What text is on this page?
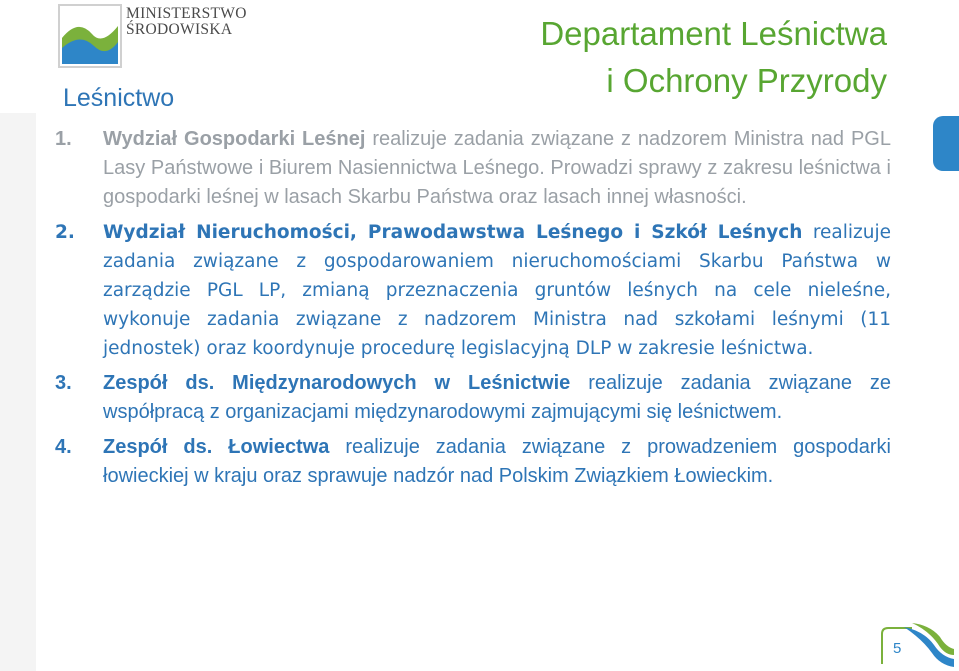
MINISTERSTWO
ŚRODOWISKA
Leśnictwo
Departament Leśnictwa
i Ochrony Przyrody
1.	Wydział Gospodarki Leśnej realizuje zadania związane z nadzorem Ministra nad PGL Lasy Państwowe i Biurem Nasiennictwa Leśnego. Prowadzi sprawy z zakresu leśnictwa i gospodarki leśnej w lasach Skarbu Państwa oraz lasach innej własności.
2.	Wydział Nieruchomości, Prawodawstwa Leśnego i Szkół Leśnych realizuje zadania związane z gospodarowaniem nieruchomościami Skarbu Państwa w zarządzie PGL LP, zmianą przeznaczenia gruntów leśnych na cele nieleśne, wykonuje zadania związane z nadzorem Ministra nad szkołami leśnymi (11 jednostek) oraz koordynuje procedurę legislacyjną DLP w zakresie leśnictwa.
3.	Zespół ds. Międzynarodowych w Leśnictwie realizuje zadania związane ze współpracą z organizacjami międzynarodowymi zajmującymi się leśnictwem.
4.	Zespół ds. Łowiectwa realizuje zadania związane z prowadzeniem gospodarki łowieckiej w kraju oraz sprawuje nadzór nad Polskim Związkiem Łowieckim.
5
